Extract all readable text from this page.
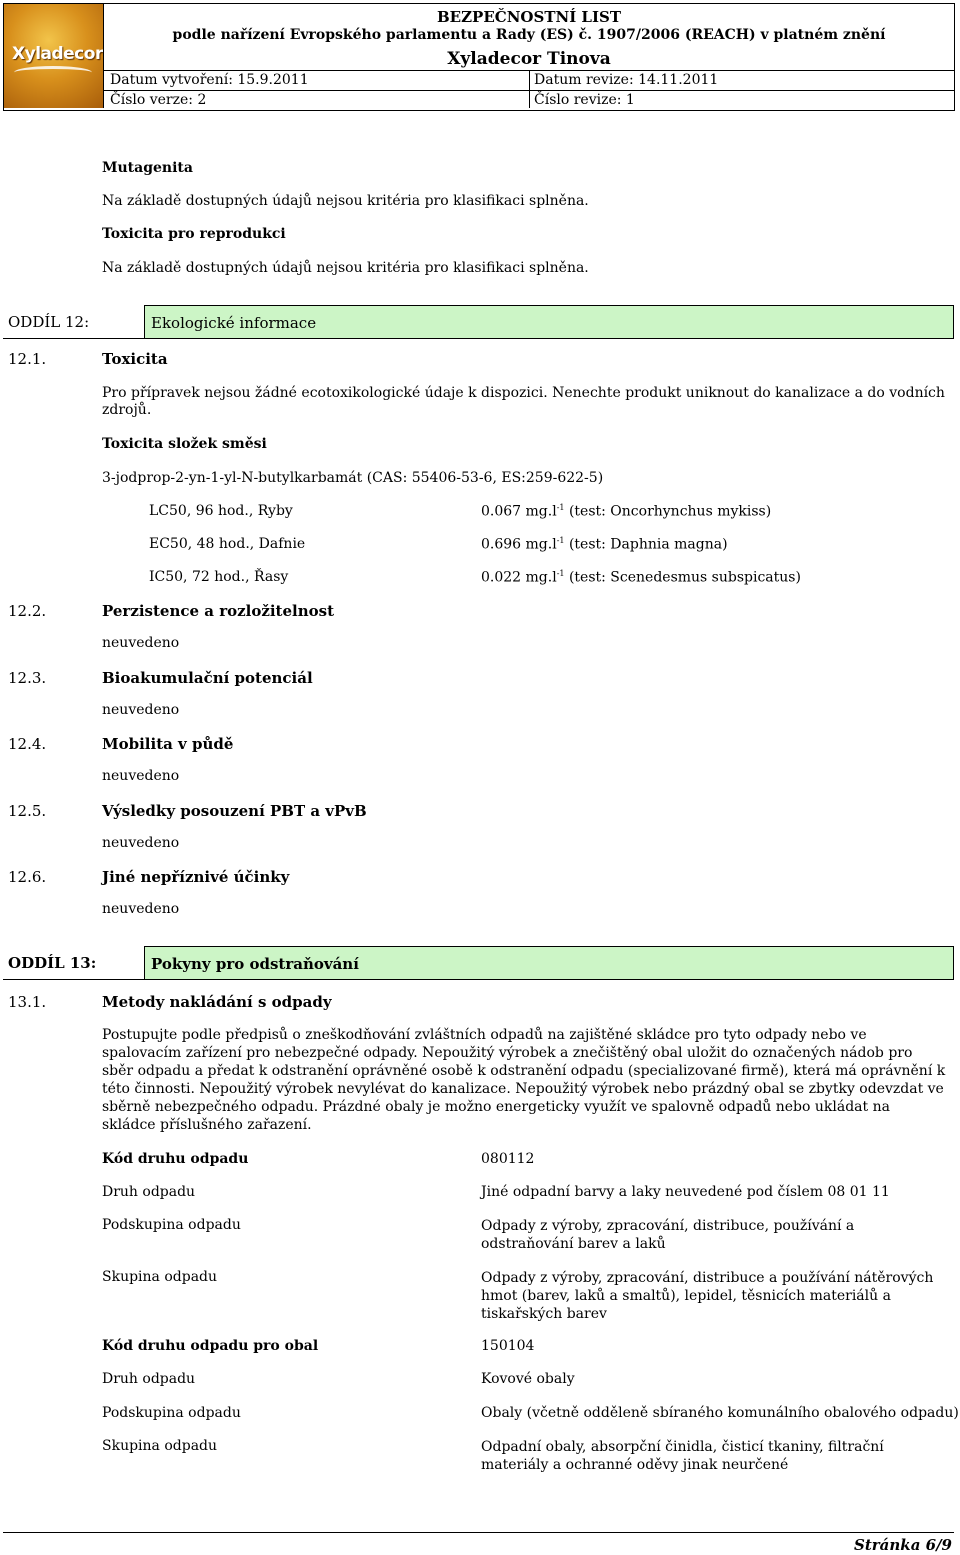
Xyladecor
BEZPEČNOSTNÍ LIST
podle nařízení Evropského parlamentu a Rady (ES) č. 1907/2006 (REACH) v platném znění
Xyladecor Tinova
Datum vytvoření: 15.9.2011	Datum revize: 14.11.2011
Číslo verze: 2	Číslo revize: 1
Mutagenita
Na základě dostupných údajů nejsou kritéria pro klasifikaci splněna.
Toxicita pro reprodukci
Na základě dostupných údajů nejsou kritéria pro klasifikaci splněna.
ODDÍL 12:	Ekologické informace
12.1.	Toxicita
Pro přípravek nejsou žádné ecotoxikologické údaje k dispozici. Nenechte produkt uniknout do kanalizace a do vodních zdrojů.
Toxicita složek směsi
3-jodprop-2-yn-1-yl-N-butylkarbamát (CAS: 55406-53-6, ES:259-622-5)
LC50, 96 hod., Ryby	0.067 $mg.l^{-1}$ (test: Oncorhynchus mykiss)
EC50, 48 hod., Dafnie	0.696 $mg.l^{-1}$ (test: Daphnia magna)
IC50, 72 hod., Řasy	0.022 $mg.l^{-1}$ (test: Scenedesmus subspicatus)
12.2.	Perzistence a rozložitelnost
neuvedeno
12.3.	Bioakumulační potenciál
neuvedeno
12.4.	Mobilita v půdě
neuvedeno
12.5.	Výsledky posouzení PBT a vPvB
neuvedeno
12.6.	Jiné nepříznivé účinky
neuvedeno
ODDÍL 13:	Pokyny pro odstraňování
13.1.	Metody nakládání s odpady
Postupujte podle předpisů o zneškodňování zvláštních odpadů na zajištěné skládce pro tyto odpady nebo ve spalovacím zařízení pro nebezpečné odpady. Nepoužitý výrobek a znečištěný obal uložit do označených nádob pro sběr odpadu a předat k odstranění oprávněné osobě k odstranění odpadu (specializované firmě), která má oprávnění k této činnosti. Nepoužitý výrobek nevylévat do kanalizace. Nepoužitý výrobek nebo prázdný obal se zbytky odevzdat ve sběrně nebezpečného odpadu. Prázdné obaly je možno energeticky využít ve spalovně odpadů nebo ukládat na skládce příslušného zařazení.
Kód druhu odpadu	080112
Druh odpadu	Jiné odpadní barvy a laky neuvedené pod číslem 08 01 11
Podskupina odpadu	Odpady z výroby, zpracování, distribuce, používání a odstraňování barev a laků
Skupina odpadu	Odpady z výroby, zpracování, distribuce a používání nátěrových hmot (barev, laků a smaltů), lepidel, těsnicích materiálů a tiskařských barev
Kód druhu odpadu pro obal	150104
Druh odpadu	Kovové obaly
Podskupina odpadu	Obaly (včetně odděleně sbíraného komunálního obalového odpadu)
Skupina odpadu	Odpadní obaly, absorpční činidla, čisticí tkaniny, filtrační materiály a ochranné oděvy jinak neurčené
Stránka 6/9
